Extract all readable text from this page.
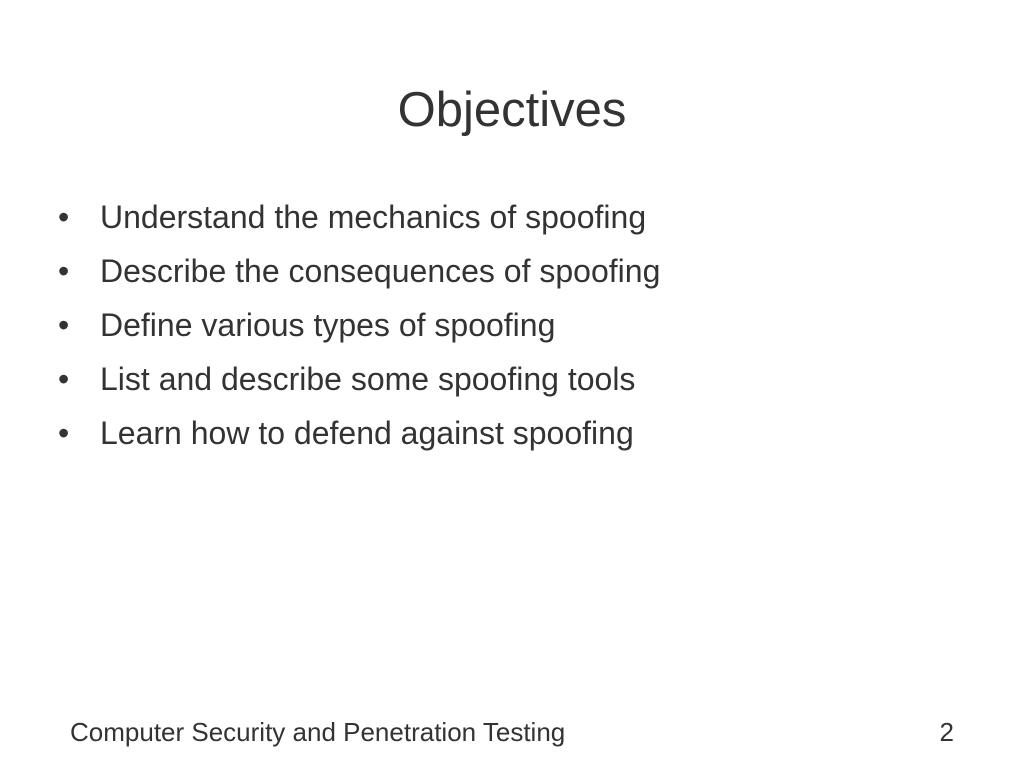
Objectives
• Understand the mechanics of spoofing
• Describe the consequences of spoofing
• Define various types of spoofing
• List and describe some spoofing tools
• Learn how to defend against spoofing
Computer Security and Penetration Testing	2
